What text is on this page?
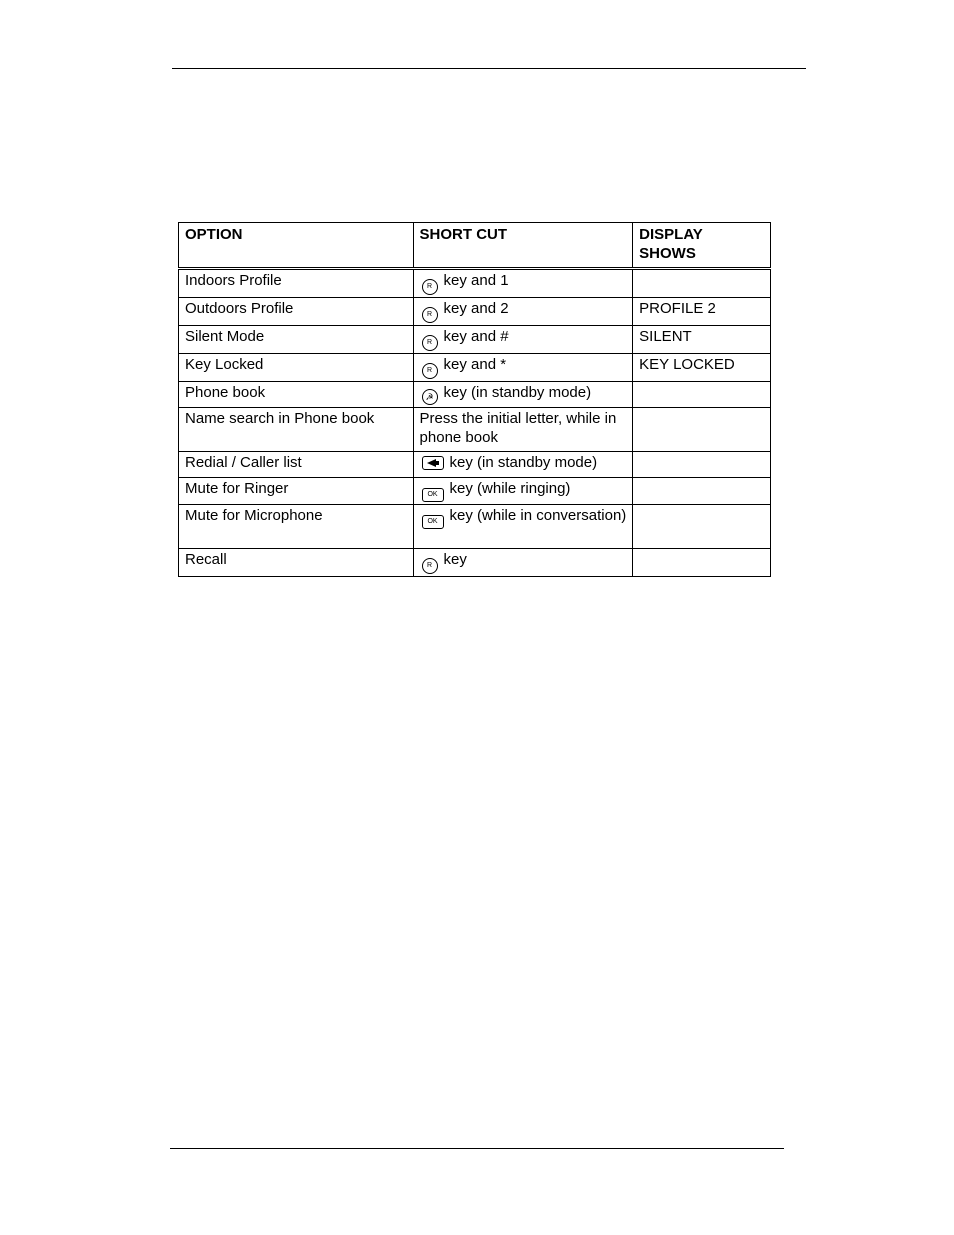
OPTION	SHORT CUT	DISPLAY
SHOWS
Indoors Profile	R key and 1	
Outdoors Profile	R key and 2	PROFILE 2
Silent Mode	R key and #	SILENT
Key Locked	R key and *	KEY LOCKED
Phone book	☭ key (in standby mode)	
Name search in Phone book	Press the initial letter, while in phone book	
Redial / Caller list	key (in standby mode)	
Mute for Ringer	OK key (while ringing)	
Mute for Microphone	OK key (while in conversation)	
Recall	R key	
